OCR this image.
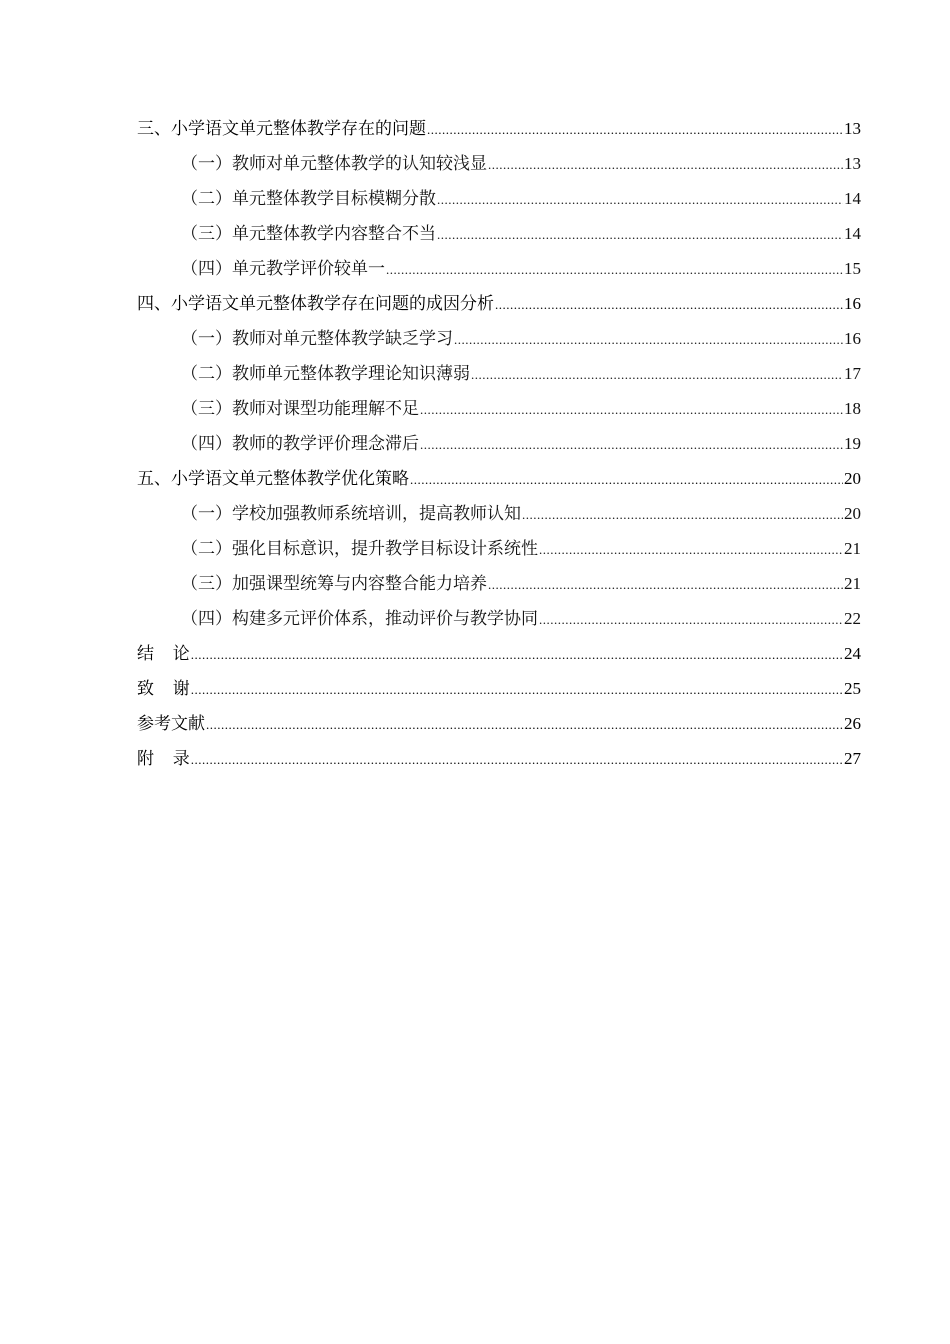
三、小学语文单元整体教学存在的问题 .....	13
（一）教师对单元整体教学的认知较浅显 .....	13
（二）单元整体教学目标模糊分散 .....	14
（三）单元整体教学内容整合不当 .....	14
（四）单元教学评价较单一 .....	15
四、小学语文单元整体教学存在问题的成因分析 .....	16
（一）教师对单元整体教学缺乏学习 .....	16
（二）教师单元整体教学理论知识薄弱 .....	17
（三）教师对课型功能理解不足 .....	18
（四）教师的教学评价理念滞后 .....	19
五、小学语文单元整体教学优化策略 .....	20
（一）学校加强教师系统培训，提高教师认知 .....	20
（二）强化目标意识，提升教学目标设计系统性 .....	21
（三）加强课型统筹与内容整合能力培养 .....	21
（四）构建多元评价体系，推动评价与教学协同 .....	22
结论 .....	24
致谢 .....	25
参考文献 .....	26
附录 .....	27
